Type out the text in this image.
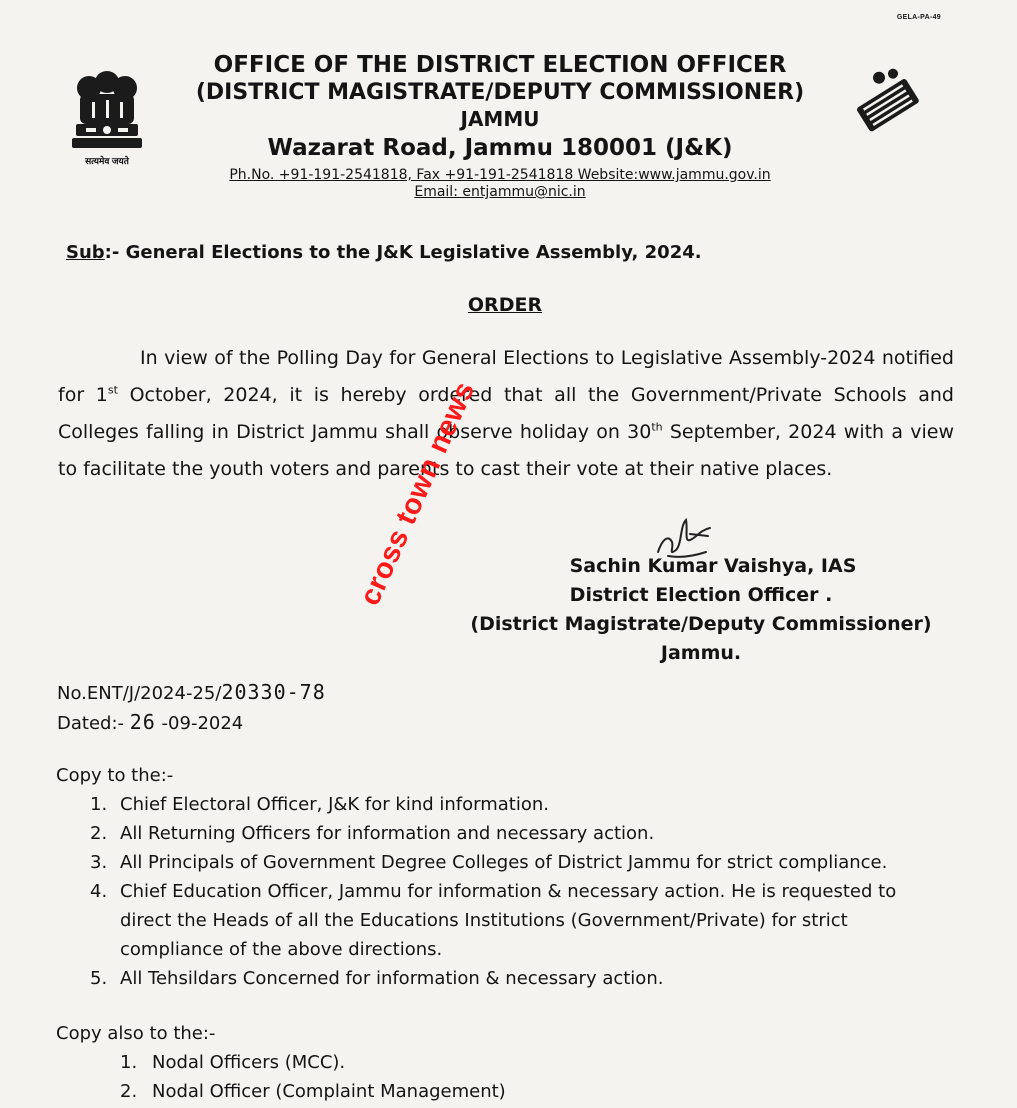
GELA-PA-49
सत्यमेव जयते
OFFICE OF THE DISTRICT ELECTION OFFICER
(DISTRICT MAGISTRATE/DEPUTY COMMISSIONER)
JAMMU
Wazarat Road, Jammu 180001 (J&K)
Ph.No. +91-191-2541818, Fax +91-191-2541818 Website:www.jammu.gov.in
Email: entjammu@nic.in
Sub:- General Elections to the J&K Legislative Assembly, 2024.
ORDER
In view of the Polling Day for General Elections to Legislative Assembly-2024 notified for 1st October, 2024, it is hereby ordered that all the Government/Private Schools and Colleges falling in District Jammu shall observe holiday on 30th September, 2024 with a view to facilitate the youth voters and parents to cast their vote at their native places.
cross town news	Sachin Kumar Vaishya, IAS
District Election Officer .
(District Magistrate/Deputy Commissioner)
Jammu.
No.ENT/J/2024-25/20330-78
Dated:- 26 -09-2024
Copy to the:-
1. Chief Electoral Officer, J&K for kind information.
2. All Returning Officers for information and necessary action.
3. All Principals of Government Degree Colleges of District Jammu for strict compliance.
4. Chief Education Officer, Jammu for information & necessary action. He is requested to direct the Heads of all the Educations Institutions (Government/Private) for strict compliance of the above directions.
5. All Tehsildars Concerned for information & necessary action.
Copy also to the:-
1. Nodal Officers (MCC).
2. Nodal Officer (Complaint Management)
